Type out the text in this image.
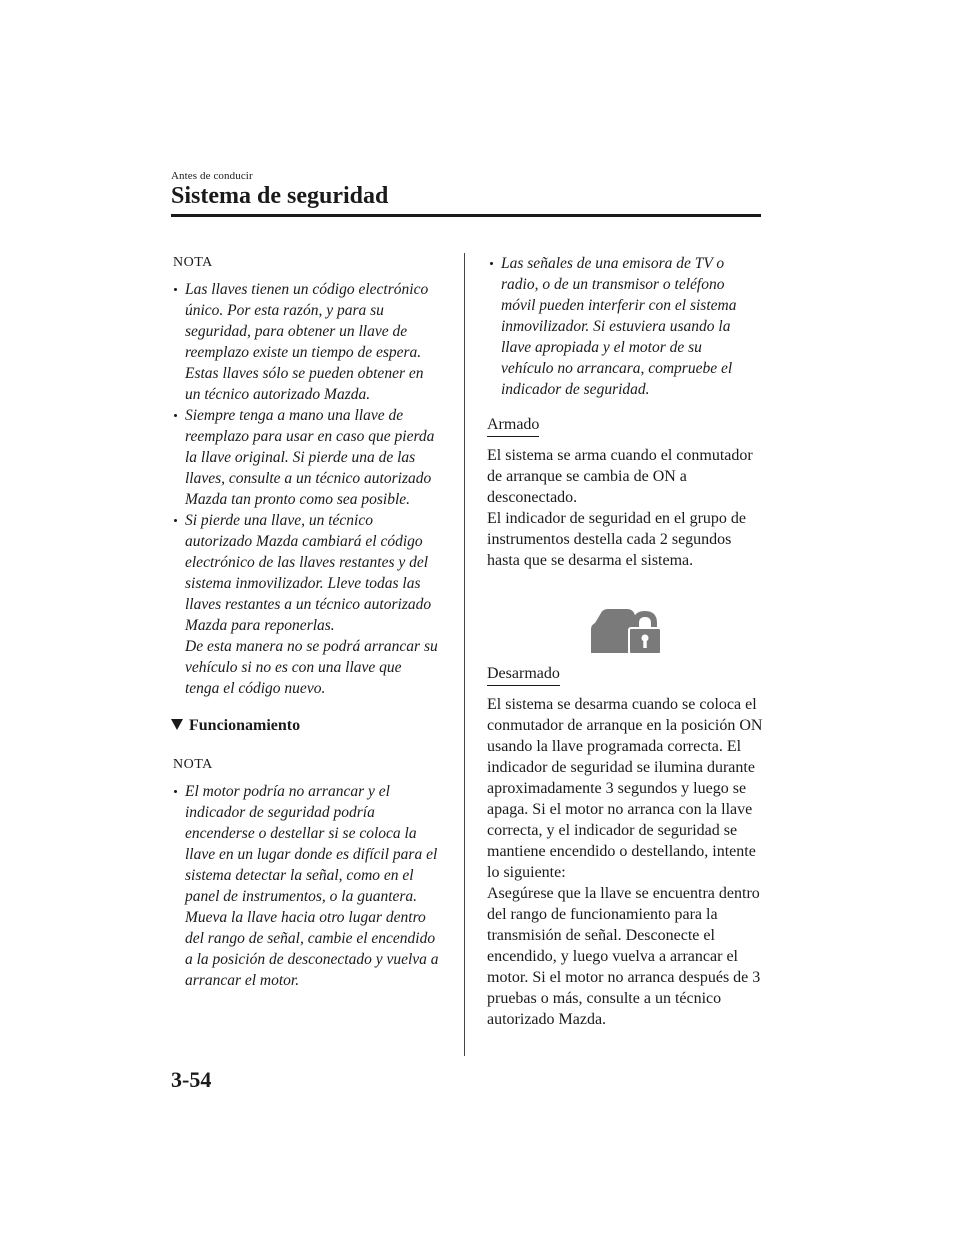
Antes de conducir
Sistema de seguridad
NOTA
Las llaves tienen un código electrónico
único. Por esta razón, y para su
seguridad, para obtener un llave de
reemplazo existe un tiempo de espera.
Estas llaves sólo se pueden obtener en
un técnico autorizado Mazda.
Siempre tenga a mano una llave de
reemplazo para usar en caso que pierda
la llave original. Si pierde una de las
llaves, consulte a un técnico autorizado
Mazda tan pronto como sea posible.
Si pierde una llave, un técnico
autorizado Mazda cambiará el código
electrónico de las llaves restantes y del
sistema inmovilizador. Lleve todas las
llaves restantes a un técnico autorizado
Mazda para reponerlas.
De esta manera no se podrá arrancar su
vehículo si no es con una llave que
tenga el código nuevo.
Funcionamiento
NOTA
El motor podría no arrancar y el
indicador de seguridad podría
encenderse o destellar si se coloca la
llave en un lugar donde es difícil para el
sistema detectar la señal, como en el
panel de instrumentos, o la guantera.
Mueva la llave hacia otro lugar dentro
del rango de señal, cambie el encendido
a la posición de desconectado y vuelva a
arrancar el motor.
Las señales de una emisora de TV o
radio, o de un transmisor o teléfono
móvil pueden interferir con el sistema
inmovilizador. Si estuviera usando la
llave apropiada y el motor de su
vehículo no arrancara, compruebe el
indicador de seguridad.
Armado
El sistema se arma cuando el conmutador
de arranque se cambia de ON a
desconectado.
El indicador de seguridad en el grupo de
instrumentos destella cada 2 segundos
hasta que se desarma el sistema.
Desarmado
El sistema se desarma cuando se coloca el
conmutador de arranque en la posición ON
usando la llave programada correcta. El
indicador de seguridad se ilumina durante
aproximadamente 3 segundos y luego se
apaga. Si el motor no arranca con la llave
correcta, y el indicador de seguridad se
mantiene encendido o destellando, intente
lo siguiente:
Asegúrese que la llave se encuentra dentro
del rango de funcionamiento para la
transmisión de señal. Desconecte el
encendido, y luego vuelva a arrancar el
motor. Si el motor no arranca después de 3
pruebas o más, consulte a un técnico
autorizado Mazda.
3-54
